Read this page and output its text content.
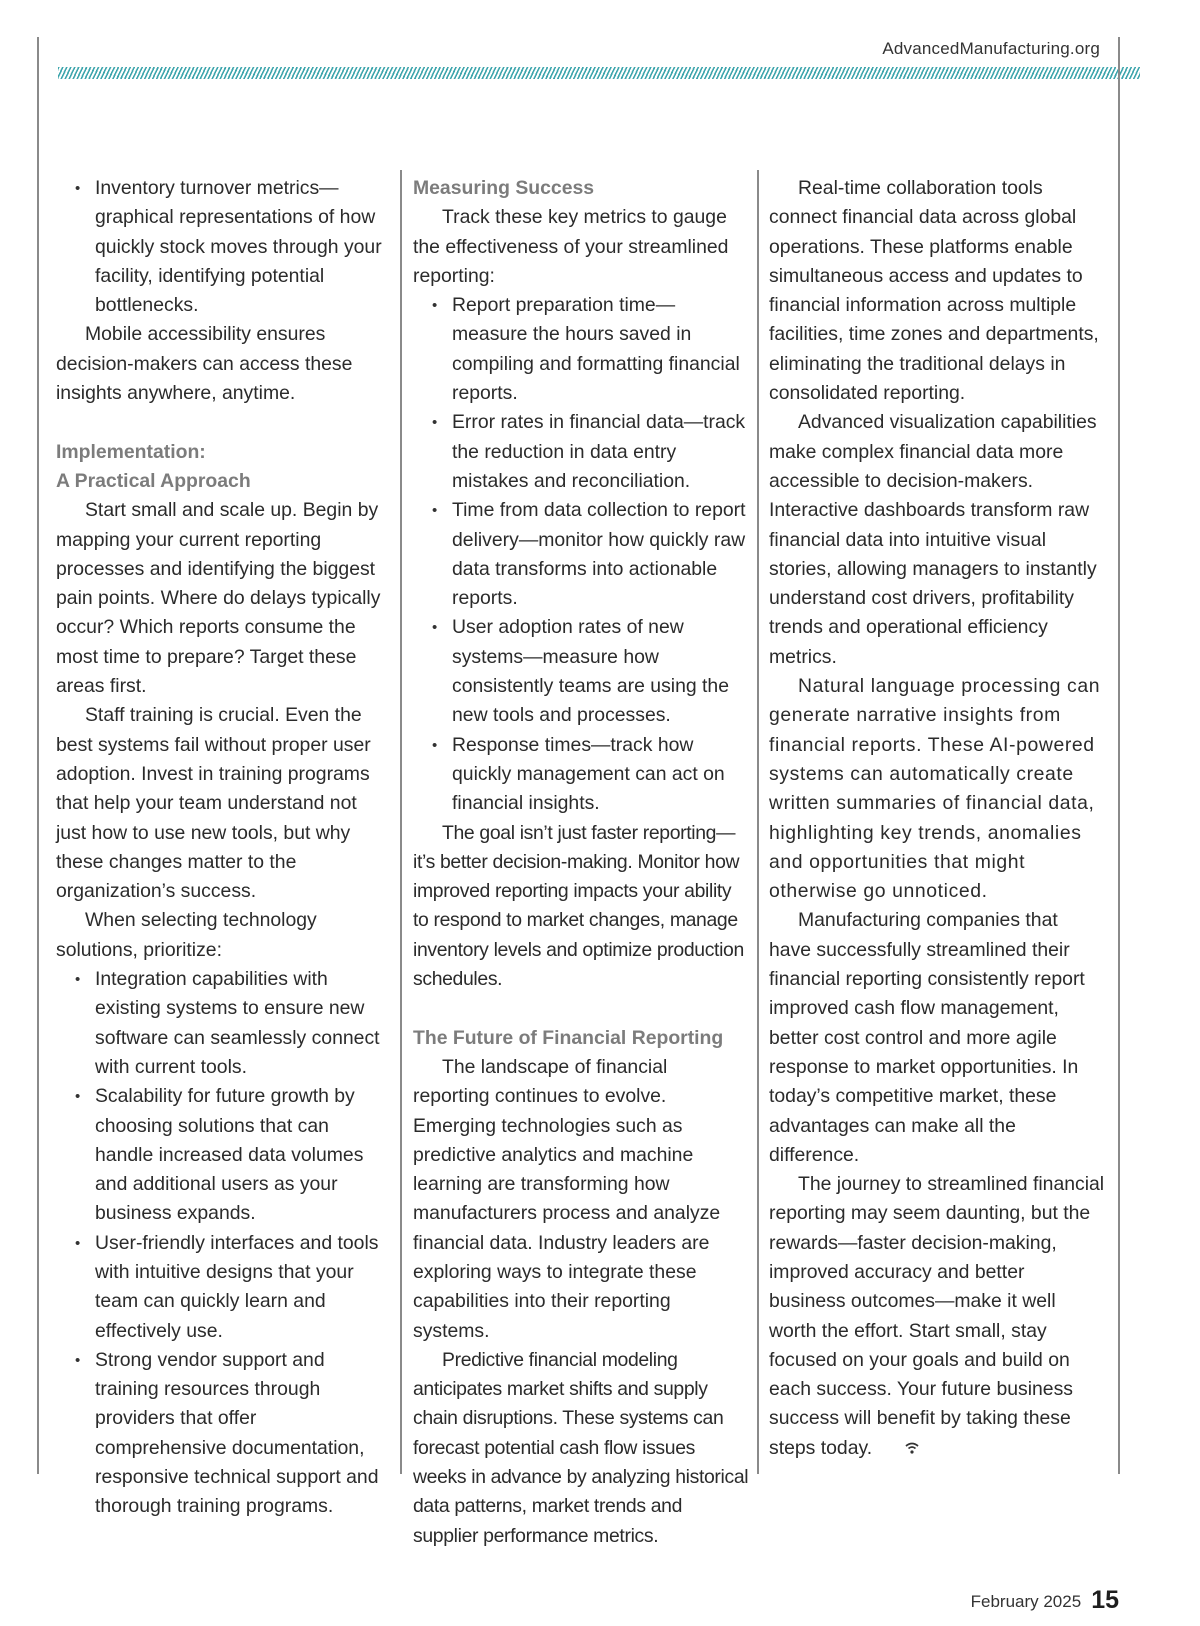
AdvancedManufacturing.org
• Inventory turnover metrics—graphical representations of how quickly stock moves through your facility, identifying potential bottlenecks.

Mobile accessibility ensures decision-makers can access these insights anywhere, anytime.

Implementation:
A Practical Approach

Start small and scale up. Begin by mapping your current reporting processes and identifying the biggest pain points. Where do delays typically occur? Which reports consume the most time to prepare? Target these areas first.

Staff training is crucial. Even the best systems fail without proper user adoption. Invest in training programs that help your team understand not just how to use new tools, but why these changes matter to the organization’s success.

When selecting technology solutions, prioritize:

• Integration capabilities with existing systems to ensure new software can seamlessly connect with current tools.
• Scalability for future growth by choosing solutions that can handle increased data volumes and additional users as your business expands.
• User-friendly interfaces and tools with intuitive designs that your team can quickly learn and effectively use.
• Strong vendor support and training resources through providers that offer comprehensive documentation, responsive technical support and thorough training programs.
Measuring Success

Track these key metrics to gauge the effectiveness of your streamlined reporting:

• Report preparation time—measure the hours saved in compiling and formatting financial reports.
• Error rates in financial data—track the reduction in data entry mistakes and reconciliation.
• Time from data collection to report delivery—monitor how quickly raw data transforms into actionable reports.
• User adoption rates of new systems—measure how consistently teams are using the new tools and processes.
• Response times—track how quickly management can act on financial insights.

The goal isn’t just faster reporting—it’s better decision-making. Monitor how improved reporting impacts your ability to respond to market changes, manage inventory levels and optimize production schedules.

The Future of Financial Reporting

The landscape of financial reporting continues to evolve. Emerging technologies such as predictive analytics and machine learning are transforming how manufacturers process and analyze financial data. Industry leaders are exploring ways to integrate these capabilities into their reporting systems.

Predictive financial modeling anticipates market shifts and supply chain disruptions. These systems can forecast potential cash flow issues weeks in advance by analyzing historical data patterns, market trends and supplier performance metrics.

Real-time collaboration tools connect financial data across global operations. These platforms enable simultaneous access and updates to financial information across multiple facilities, time zones and departments, eliminating the traditional delays in consolidated reporting.

Advanced visualization capabilities make complex financial data more accessible to decision-makers. Interactive dashboards transform raw financial data into intuitive visual stories, allowing managers to instantly understand cost drivers, profitability trends and operational efficiency metrics.

Natural language processing can generate narrative insights from financial reports. These AI-powered systems can automatically create written summaries of financial data, highlighting key trends, anomalies and opportunities that might otherwise go unnoticed.

Manufacturing companies that have successfully streamlined their financial reporting consistently report improved cash flow management, better cost control and more agile response to market opportunities. In today’s competitive market, these advantages can make all the difference.

The journey to streamlined financial reporting may seem daunting, but the rewards—faster decision-making, improved accuracy and better business outcomes—make it well worth the effort. Start small, stay focused on your goals and build on each success. Your future business success will benefit by taking these steps today.

February 2025 15
